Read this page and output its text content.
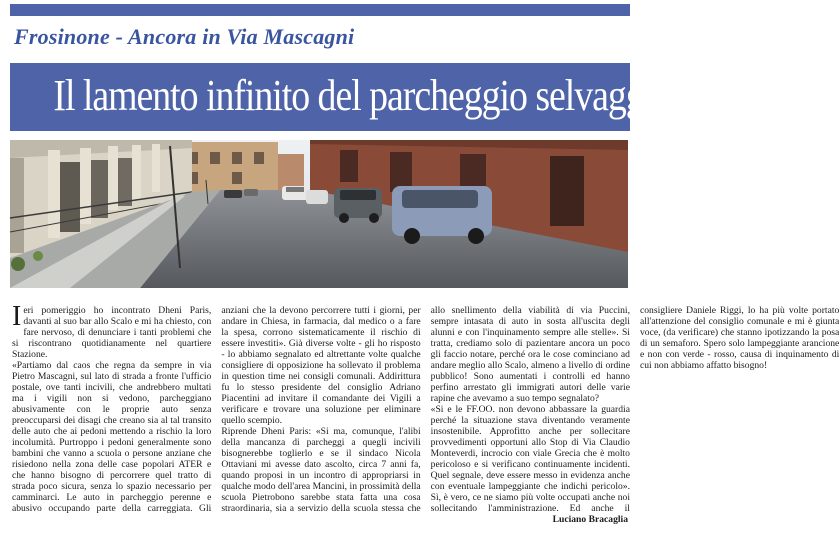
Frosinone - Ancora in Via Mascagni
Il lamento infinito del parcheggio selvaggio

Ieri pomeriggio ho incontrato Dheni Paris, davanti al suo bar allo Scalo e mi ha chiesto, con fare nervoso, di denunciare i tanti problemi che si riscontrano quotidianamente nel quartiere Stazione.

«Partiamo dal caos che regna da sempre in via Pietro Mascagni, sul lato di strada a fronte l'ufficio postale, ove tanti incivili, che andrebbero multati ma i vigili non si vedono, parcheggiano abusivamente con le proprie auto senza preoccuparsi dei disagi che creano sia al tal transito delle auto che ai pedoni mettendo a rischio la loro incolumità. Purtroppo i pedoni generalmente sono bambini che vanno a scuola o persone anziane che risiedono nella zona delle case popolari ATER e che hanno bisogno di percorrere quel tratto di strada poco sicura, senza lo spazio necessario per camminarci. Le auto in parcheggio perenne e abusivo occupando parte della carreggiata. Gli anziani che la devono percorrere tutti i giorni, per andare in Chiesa, in farmacia, dal medico o a fare la spesa, corrono sistematicamente il rischio di essere investiti». Già diverse volte - gli ho risposto - lo abbiamo segnalato ed altrettante volte qualche consigliere di opposizione ha sollevato il problema in question time nei consigli comunali. Addirittura fu lo stesso presidente del consiglio Adriano Piacentini ad invitare il comandante dei Vigili a verificare e trovare una soluzione per eliminare quello scempio.

Riprende Dheni Paris: «Si ma, comunque, l'alibi della mancanza di parcheggi a quegli incivili bisognerebbe toglierlo e se il sindaco Nicola Ottaviani mi avesse dato ascolto, circa 7 anni fa, quando proposi in un incontro di appropriarsi in qualche modo dell'area Mancini, in prossimità della scuola Pietrobono sarebbe stata fatta una cosa straordinaria, sia a servizio della scuola stessa che allo snellimento della viabilità di via Puccini, sempre intasata di auto in sosta all'uscita degli alunni e con l'inquinamento sempre alle stelle». Si tratta, crediamo solo di pazientare ancora un poco gli faccio notare, perché ora le cose cominciano ad andare meglio allo Scalo, almeno a livello di ordine pubblico! Sono aumentati i controlli ed hanno perfino arrestato gli immigrati autori delle varie rapine che avevamo a suo tempo segnalato?

«Si e le FF.OO. non devono abbassare la guardia perché la situazione stava diventando veramente insostenibile. Approfitto anche per sollecitare provvedimenti opportuni allo Stop di Via Claudio Monteverdi, incrocio con viale Grecia che è molto pericoloso e si verificano continuamente incidenti. Quel segnale, deve essere messo in evidenza anche con eventuale lampeggiante che indichi pericolo». Sì, è vero, ce ne siamo più volte occupati anche noi sollecitando l'amministrazione. Ed anche il consigliere Daniele Riggi, lo ha più volte portato all'attenzione del consiglio comunale e mi è giunta voce, (da verificare) che stanno ipotizzando la posa di un semaforo. Spero solo lampeggiante arancione e non con verde - rosso, causa di inquinamento di cui non abbiamo affatto bisogno!

Luciano Bracaglia
